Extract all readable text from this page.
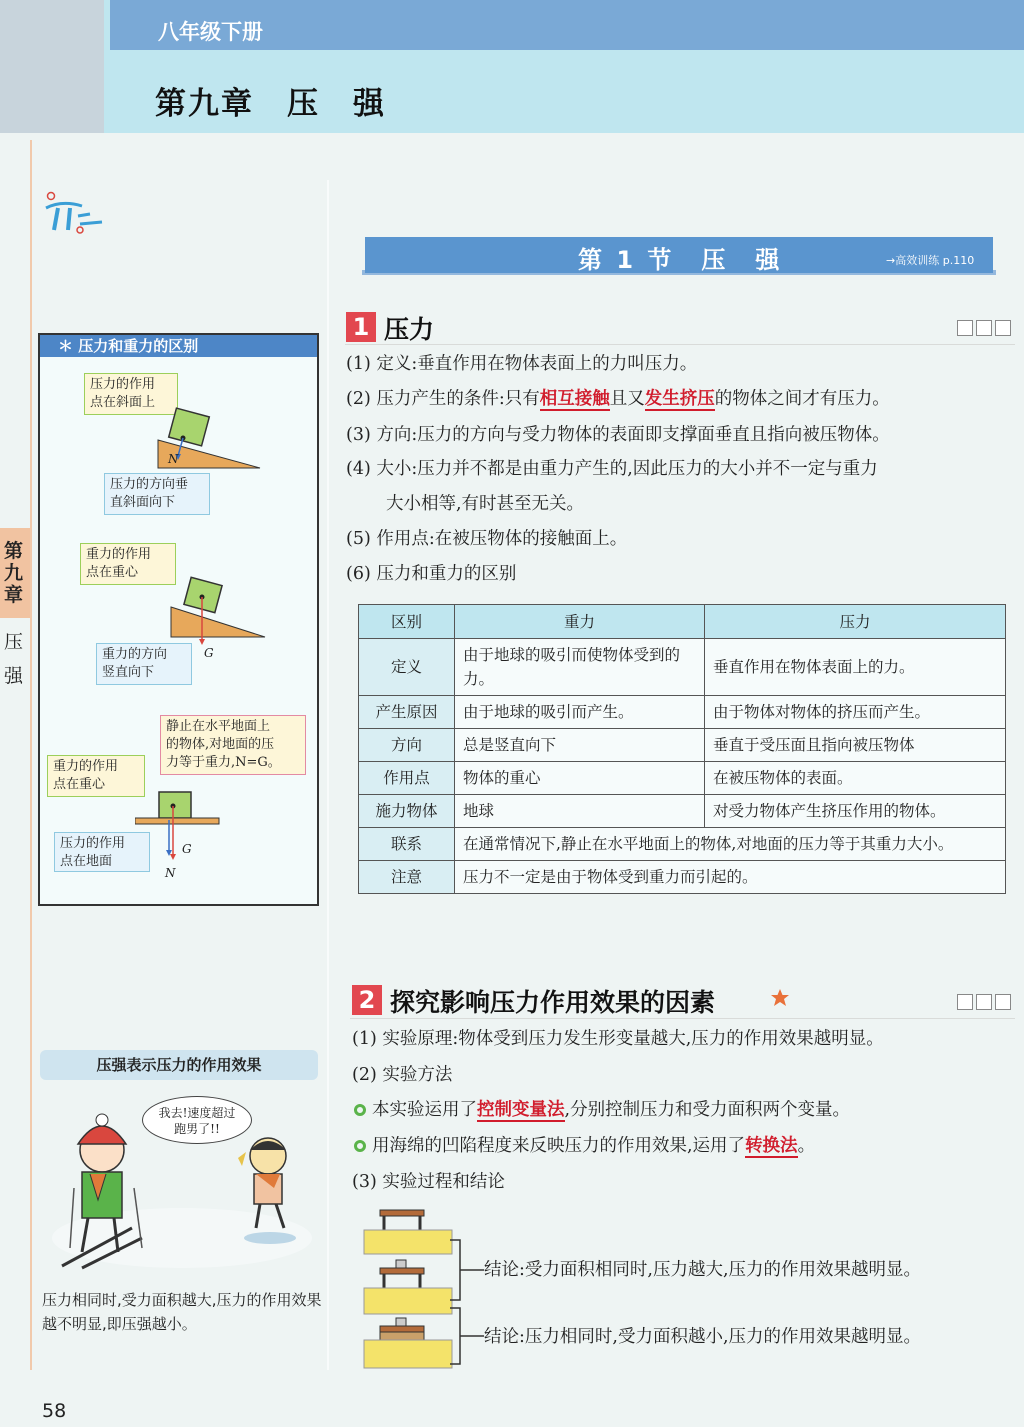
八年级下册
第九章　压　强
第九章
压
强
＊ 压力和重力的区别
压力的作用
点在斜面上
N
压力的方向垂
直斜面向下
重力的作用
点在重心
重力的方向
竖直向下
G
静止在水平地面上
的物体,对地面的压
力等于重力,N=G。
重力的作用
点在重心
压力的作用
点在地面
G
N
压强表示压力的作用效果
我去!速度超过跑男了!!
压力相同时,受力面积越大,压力的作用效果越不明显,即压强越小。
58
第 1 节　压　强	→高效训练 p.110
1 压力
(1) 定义:垂直作用在物体表面上的力叫压力。
(2) 压力产生的条件:只有相互接触且又发生挤压的物体之间才有压力。
(3) 方向:压力的方向与受力物体的表面即支撑面垂直且指向被压物体。
(4) 大小:压力并不都是由重力产生的,因此压力的大小并不一定与重力
大小相等,有时甚至无关。
(5) 作用点:在被压物体的接触面上。
(6) 压力和重力的区别
区别	重力	压力
定义	由于地球的吸引而使物体受到的力。	垂直作用在物体表面上的力。
产生原因	由于地球的吸引而产生。	由于物体对物体的挤压而产生。
方向	总是竖直向下	垂直于受压面且指向被压物体
作用点	物体的重心	在被压物体的表面。
施力物体	地球	对受力物体产生挤压作用的物体。
联系	在通常情况下,静止在水平地面上的物体,对地面的压力等于其重力大小。	
注意	压力不一定是由于物体受到重力而引起的。	
2 探究影响压力作用效果的因素
(1) 实验原理:物体受到压力发生形变量越大,压力的作用效果越明显。
(2) 实验方法
本实验运用了控制变量法,分别控制压力和受力面积两个变量。
用海绵的凹陷程度来反映压力的作用效果,运用了转换法。
(3) 实验过程和结论
结论:受力面积相同时,压力越大,压力的作用效果越明显。
结论:压力相同时,受力面积越小,压力的作用效果越明显。
